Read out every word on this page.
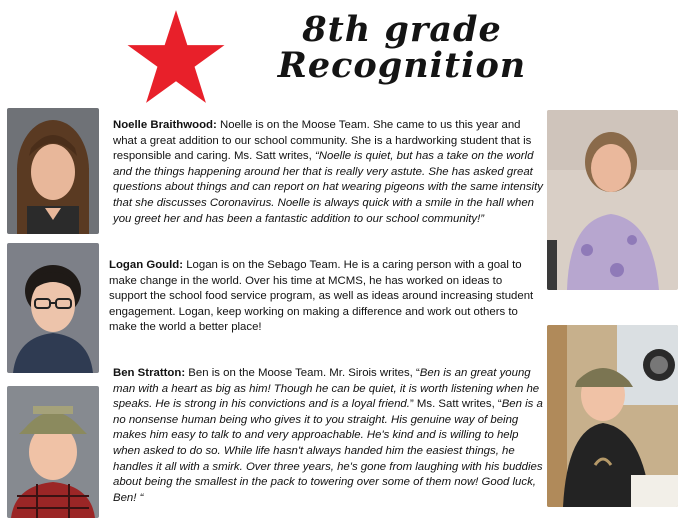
8th grade
Recognition
Noelle Braithwood: Noelle is on the Moose Team. She came to us this year and what a great addition to our school community. She is a hardworking student that is responsible and caring. Ms. Satt writes, “Noelle is quiet, but has a take on the world and the things happening around her that is really very astute. She has asked great questions about things and can report on hat wearing pigeons with the same intensity that she discusses Coronavirus. Noelle is always quick with a smile in the hall when you greet her and has been a fantastic addition to our school community!”
Logan Gould: Logan is on the Sebago Team. He is a caring person with a goal to make change in the world. Over his time at MCMS, he has worked on ideas to support the school food service program, as well as ideas around increasing student engagement. Logan, keep working on making a difference and work out others to make the world a better place!
Ben Stratton: Ben is on the Moose Team. Mr. Sirois writes, “Ben is an great young man with a heart as big as him! Though he can be quiet, it is worth listening when he speaks. He is strong in his convictions and is a loyal friend.” Ms. Satt writes, “Ben is a no nonsense human being who gives it to you straight. His genuine way of being makes him easy to talk to and very approachable. He's kind and is willing to help when asked to do so. While life hasn't always handed him the easiest things, he handles it all with a smirk. Over three years, he's gone from laughing with his buddies about being the smallest in the pack to towering over some of them now! Good luck, Ben! “
